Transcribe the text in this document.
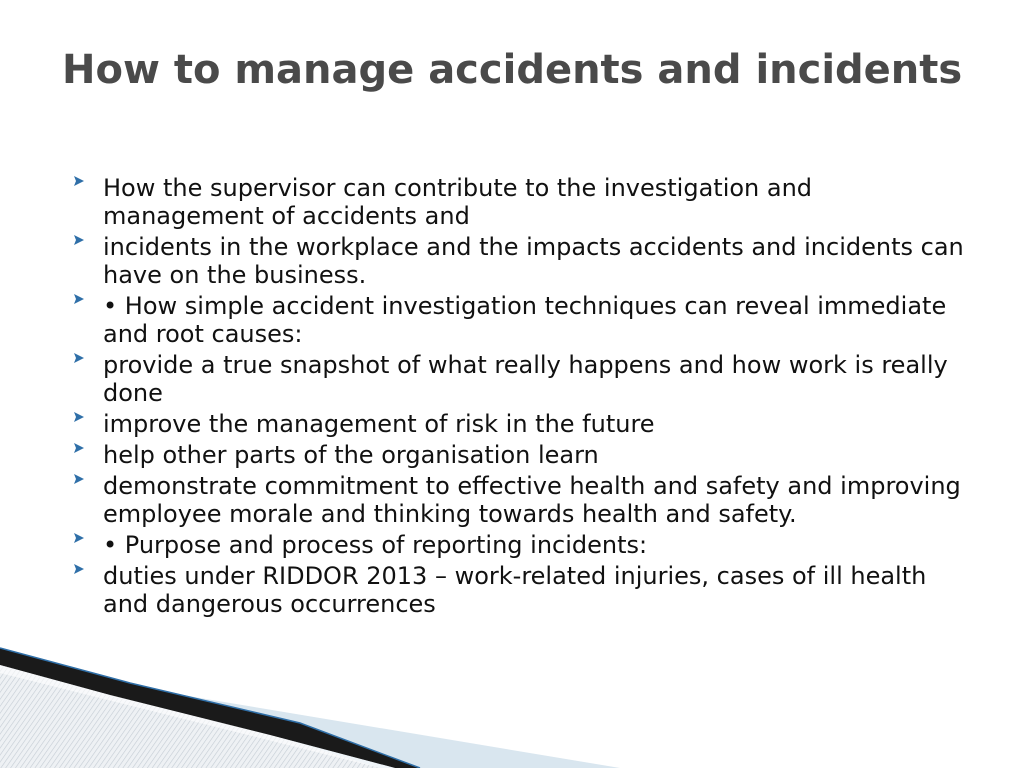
How to manage accidents and incidents
How the supervisor can contribute to the investigation and management of accidents and
incidents in the workplace and the impacts accidents and incidents can have on the business.
• How simple accident investigation techniques can reveal immediate and root causes:
provide a true snapshot of what really happens and how work is really done
improve the management of risk in the future
help other parts of the organisation learn
demonstrate commitment to effective health and safety and improving employee morale and thinking towards health and safety.
• Purpose and process of reporting incidents:
duties under RIDDOR 2013 – work-related injuries, cases of ill health and dangerous occurrences
